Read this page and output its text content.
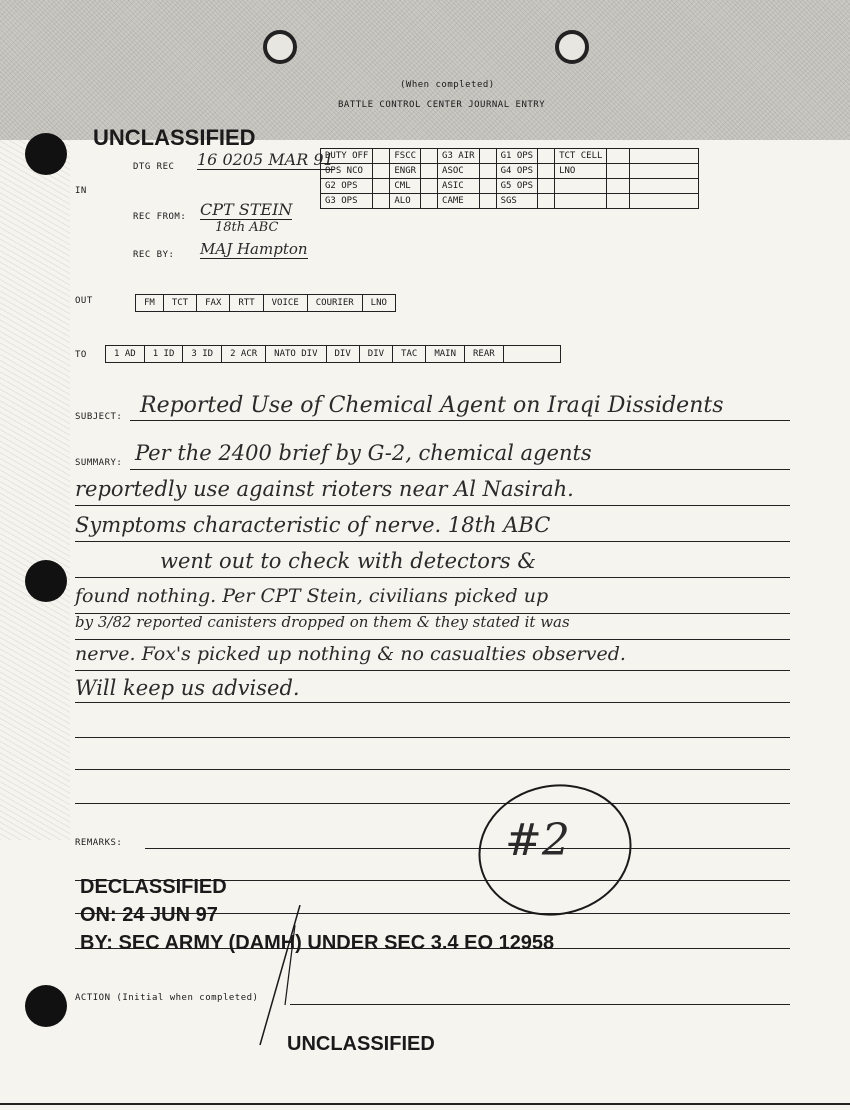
(When completed)
BATTLE CONTROL CENTER JOURNAL ENTRY
UNCLASSIFIED
DTG REC 16 0205 MAR 91
IN
REC FROM: CPT STEIN
18th ABC
REC BY: MAJ Hampton
DUTY OFF		FSCC		G3 AIR		G1 OPS		TCT CELL		
OPS NCO		ENGR		ASOC		G4 OPS		LNO		
G2 OPS		CML		ASIC		G5 OPS				
G3 OPS		ALO		CAME		SGS				
OUT	FM	TCT	FAX	RTT	VOICE	COURIER	LNO
TO	1 AD	1 ID	3 ID	2 ACR	NATO DIV	DIV	DIV	TAC	MAIN	REAR
SUBJECT: Reported Use of Chemical Agent on Iraqi Dissidents
SUMMARY: Per the 2400 brief by G-2, chemical agents
reportedly use against rioters near Al Nasirah.
Symptoms characteristic of nerve. 18th ABC
went out to check with detectors &
found nothing. Per CPT Stein, civilians picked up
by 3/82 reported canisters dropped on them & they stated it was
nerve. Fox's picked up nothing & no casualties observed.
Will keep us advised.
REMARKS:	#2
DECLASSIFIED
ON: 24 JUN 97
BY: SEC ARMY (DAMH) UNDER SEC 3.4 EO 12958
ACTION (Initial when completed)
UNCLASSIFIED
